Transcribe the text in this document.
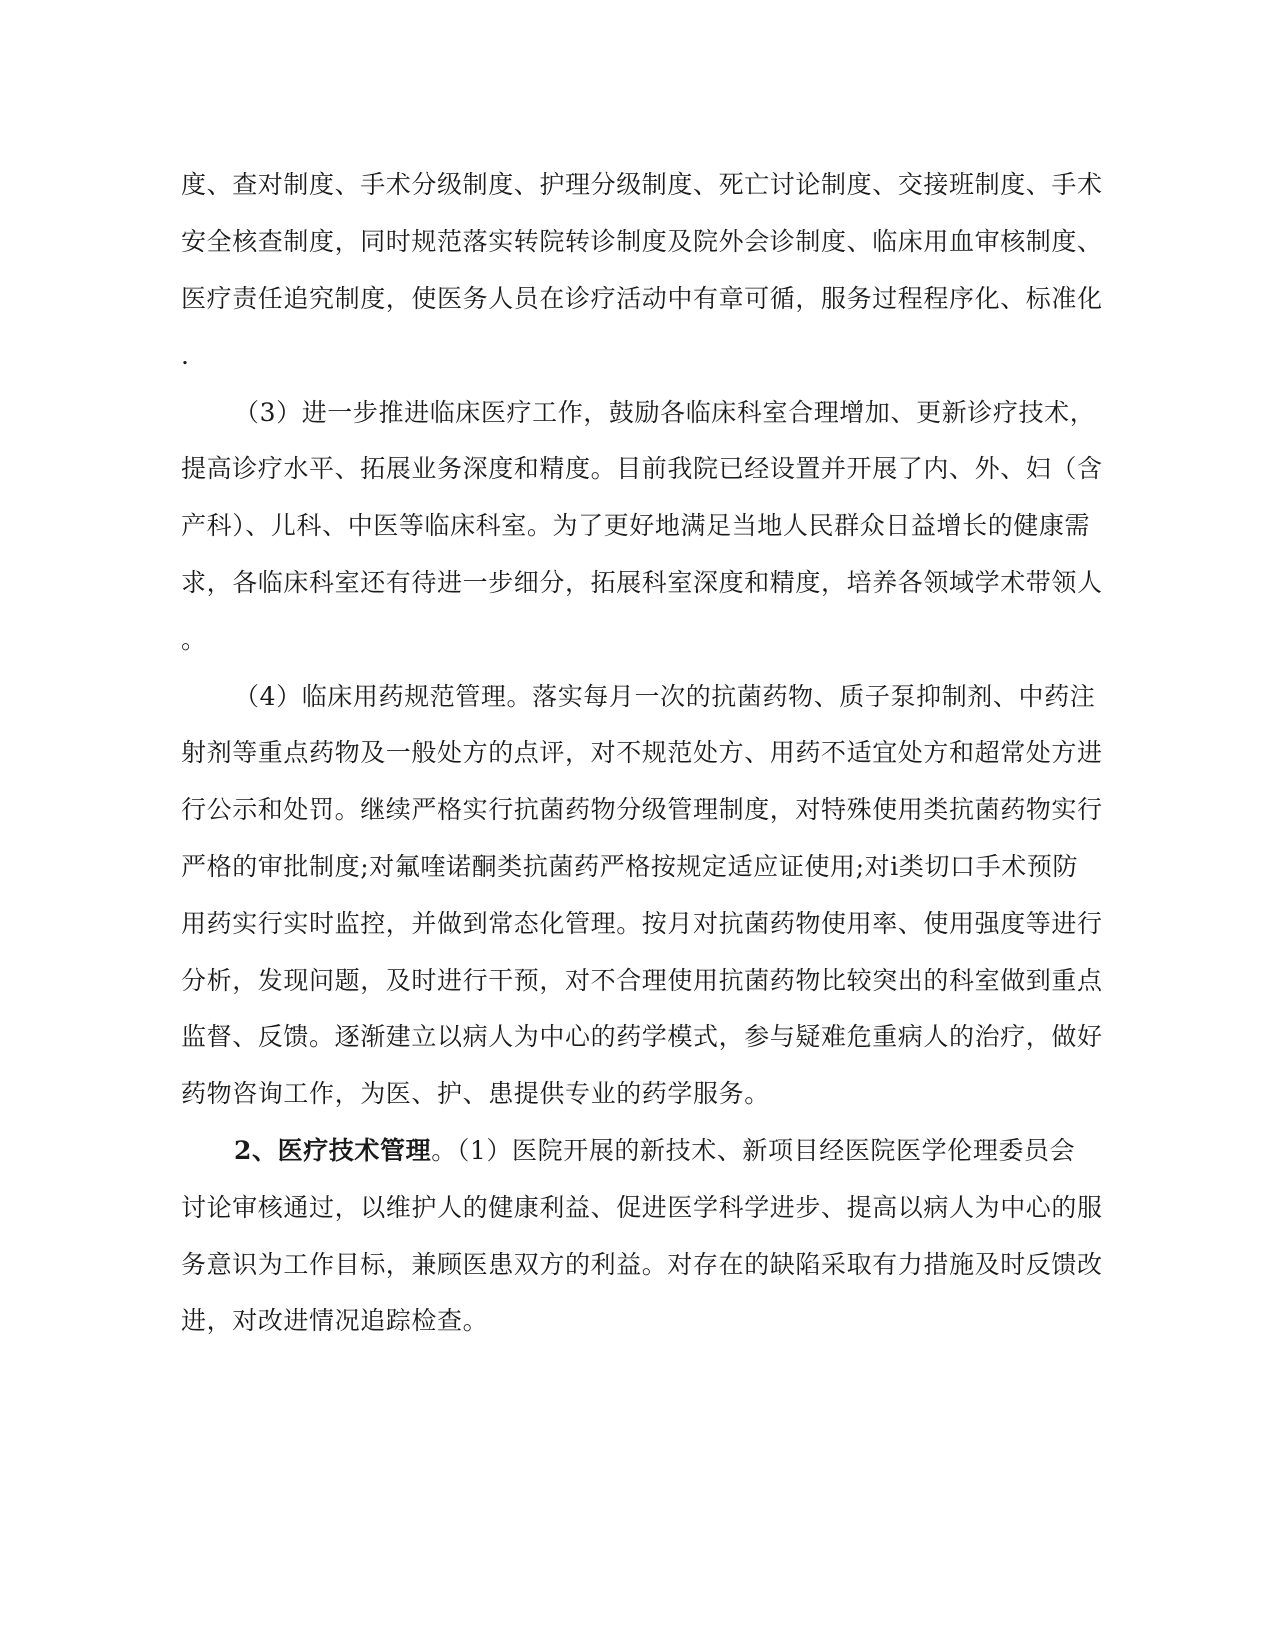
度、查对制度、手术分级制度、护理分级制度、死亡讨论制度、交接班制度、手术
安全核查制度，同时规范落实转院转诊制度及院外会诊制度、临床用血审核制度、
医疗责任追究制度，使医务人员在诊疗活动中有章可循，服务过程程序化、标准化
.
（3）进一步推进临床医疗工作，鼓励各临床科室合理增加、更新诊疗技术，
提高诊疗水平、拓展业务深度和精度。目前我院已经设置并开展了内、外、妇（含
产科）、儿科、中医等临床科室。为了更好地满足当地人民群众日益增长的健康需
求，各临床科室还有待进一步细分，拓展科室深度和精度，培养各领域学术带领人
。
（4）临床用药规范管理。落实每月一次的抗菌药物、质子泵抑制剂、中药注
射剂等重点药物及一般处方的点评，对不规范处方、用药不适宜处方和超常处方进
行公示和处罚。继续严格实行抗菌药物分级管理制度，对特殊使用类抗菌药物实行
严格的审批制度;对氟喹诺酮类抗菌药严格按规定适应证使用;对i类切口手术预防
用药实行实时监控，并做到常态化管理。按月对抗菌药物使用率、使用强度等进行
分析，发现问题，及时进行干预，对不合理使用抗菌药物比较突出的科室做到重点
监督、反馈。逐渐建立以病人为中心的药学模式，参与疑难危重病人的治疗，做好
药物咨询工作，为医、护、患提供专业的药学服务。
2、医疗技术管理。（1）医院开展的新技术、新项目经医院医学伦理委员会
讨论审核通过，以维护人的健康利益、促进医学科学进步、提高以病人为中心的服
务意识为工作目标，兼顾医患双方的利益。对存在的缺陷采取有力措施及时反馈改
进，对改进情况追踪检查。
